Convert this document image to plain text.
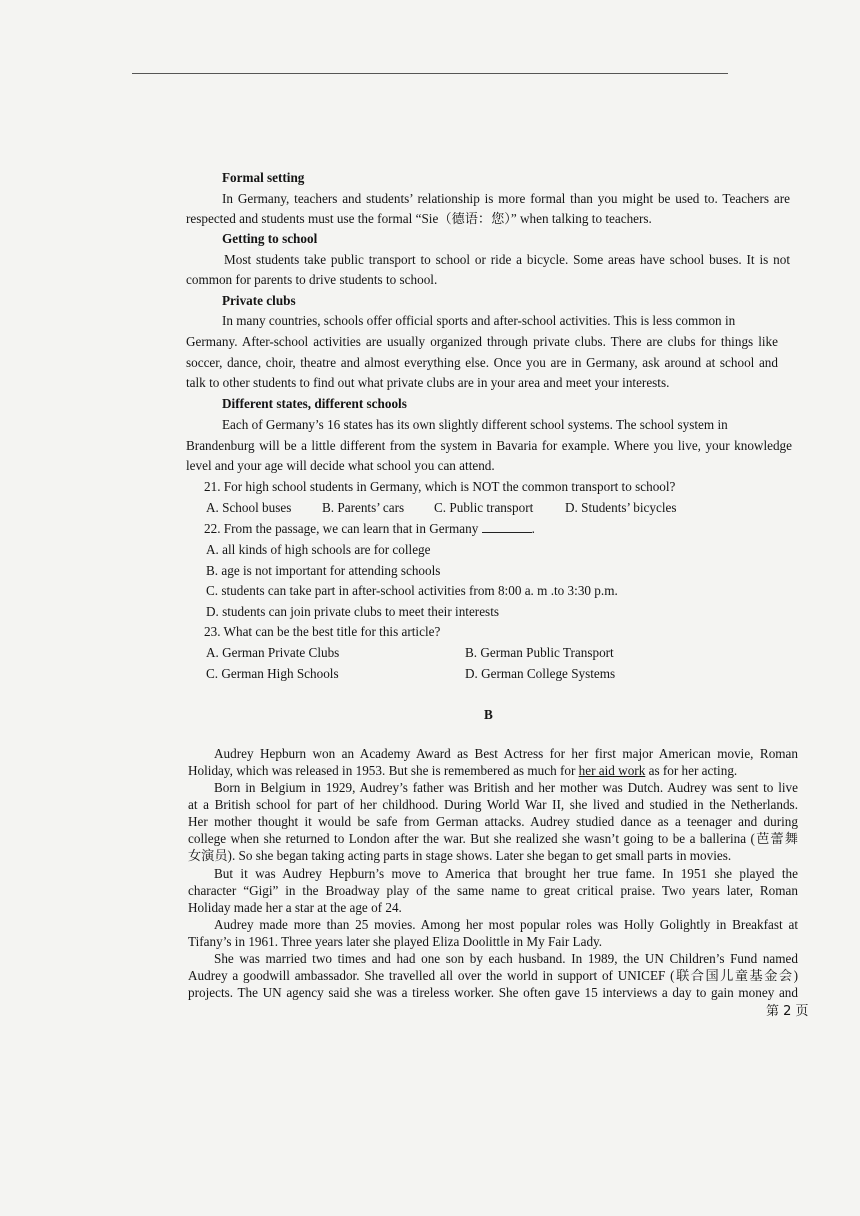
Formal setting
In Germany, teachers and students’ relationship is more formal than you might be used to. Teachers are
respected and students must use the formal “Sie（德语：您）” when talking to teachers.
Getting to school
Most students take public transport to school or ride a bicycle. Some areas have school buses. It is not
common for parents to drive students to school.
Private clubs
In many countries, schools offer official sports and after-school activities. This is less common in
Germany. After-school activities are usually organized through private clubs. There are clubs for things like
soccer, dance, choir, theatre and almost everything else. Once you are in Germany, ask around at school and
talk to other students to find out what private clubs are in your area and meet your interests.
Different states, different schools
Each of Germany’s 16 states has its own slightly different school systems. The school system in
Brandenburg will be a little different from the system in Bavaria for example. Where you live, your knowledge
level and your age will decide what school you can attend.
21. For high school students in Germany, which is NOT the common transport to school?
A. School buses B. Parents’ cars C. Public transport D. Students’ bicycles
22. From the passage, we can learn that in Germany	.
A. all kinds of high schools are for college
B. age is not important for attending schools
C. students can take part in after-school activities from 8:00 a. m .to 3:30 p.m.
D. students can join private clubs to meet their interests
23. What can be the best title for this article?
A. German Private Clubs	B. German Public Transport
C. German High Schools	D. German College Systems
B
Audrey Hepburn won an Academy Award as Best Actress for her first major American movie, Roman
Holiday, which was released in 1953. But she is remembered as much for her aid work as for her acting.
Born in Belgium in 1929, Audrey’s father was British and her mother was Dutch. Audrey was sent to live
at a British school for part of her childhood. During World War II, she lived and studied in the Netherlands.
Her mother thought it would be safe from German attacks. Audrey studied dance as a teenager and during
college when she returned to London after the war. But she realized she wasn’t going to be a ballerina (芭蕾舞
女演员). So she began taking acting parts in stage shows. Later she began to get small parts in movies.
But it was Audrey Hepburn’s move to America that brought her true fame. In 1951 she played the
character “Gigi” in the Broadway play of the same name to great critical praise. Two years later, Roman
Holiday made her a star at the age of 24.
Audrey made more than 25 movies. Among her most popular roles was Holly Golightly in Breakfast at
Tifany’s in 1961. Three years later she played Eliza Doolittle in My Fair Lady.
She was married two times and had one son by each husband. In 1989, the UN Children’s Fund named
Audrey a goodwill ambassador. She travelled all over the world in support of UNICEF (联合国儿童基金会)
projects. The UN agency said she was a tireless worker. She often gave 15 interviews a day to gain money and
第 2 页
